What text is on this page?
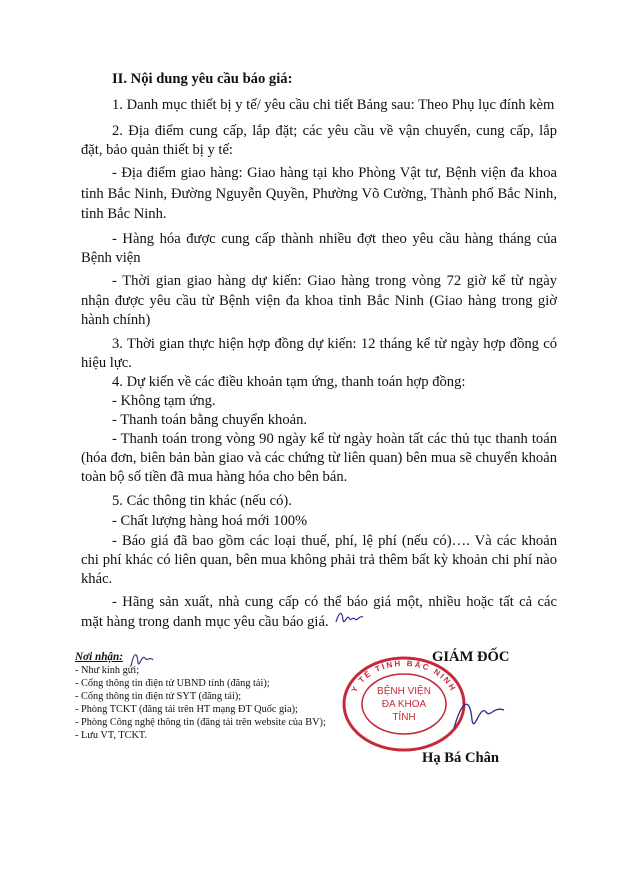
II. Nội dung yêu cầu báo giá:
1. Danh mục thiết bị y tế/ yêu cầu chi tiết Bảng sau: Theo Phụ lục đính kèm
2. Địa điểm cung cấp, lắp đặt; các yêu cầu về vận chuyển, cung cấp, lắp
đặt, bảo quản thiết bị y tế:
- Địa điểm giao hàng: Giao hàng tại kho Phòng Vật tư, Bệnh viện đa khoa
tỉnh Bắc Ninh, Đường Nguyễn Quyền, Phường Võ Cường, Thành phố Bắc Ninh,
tỉnh Bắc Ninh.
- Hàng hóa được cung cấp thành nhiều đợt theo yêu cầu hàng tháng của
Bệnh viện
- Thời gian giao hàng dự kiến: Giao hàng trong vòng 72 giờ kể từ ngày
nhận được yêu cầu từ Bệnh viện đa khoa tỉnh Bắc Ninh (Giao hàng trong giờ
hành chính)
3. Thời gian thực hiện hợp đồng dự kiến: 12 tháng kể từ ngày hợp đồng có
hiệu lực.
4. Dự kiến về các điều khoản tạm ứng, thanh toán hợp đồng:
- Không tạm ứng.
- Thanh toán bằng chuyển khoản.
- Thanh toán trong vòng 90 ngày kể từ ngày hoàn tất các thủ tục thanh toán
(hóa đơn, biên bản bàn giao và các chứng từ liên quan) bên mua sẽ chuyển khoản
toàn bộ số tiền đã mua hàng hóa cho bên bán.
5. Các thông tin khác (nếu có).
- Chất lượng hàng hoá mới 100%
- Báo giá đã bao gồm các loại thuế, phí, lệ phí (nếu có)…. Và các khoản
chi phí khác có liên quan, bên mua không phải trả thêm bất kỳ khoản chi phí nào
khác.
- Hãng sản xuất, nhà cung cấp có thể báo giá một, nhiều hoặc tất cả các
mặt hàng trong danh mục yêu cầu báo giá.
Nơi nhận:
- Như kính gửi;
- Cổng thông tin điện tử UBND tỉnh (đăng tải);
- Cổng thông tin điện tử SYT (đăng tải);
- Phòng TCKT (đăng tải trên HT mạng ĐT Quốc gia);
- Phòng Công nghệ thông tin (đăng tải trên website của BV);
- Lưu VT, TCKT.
GIÁM ĐỐC
Y TẾ TỈNH BẮC NINH
BỆNH VIỆN
ĐA KHOA
TỈNH
Hạ Bá Chân
